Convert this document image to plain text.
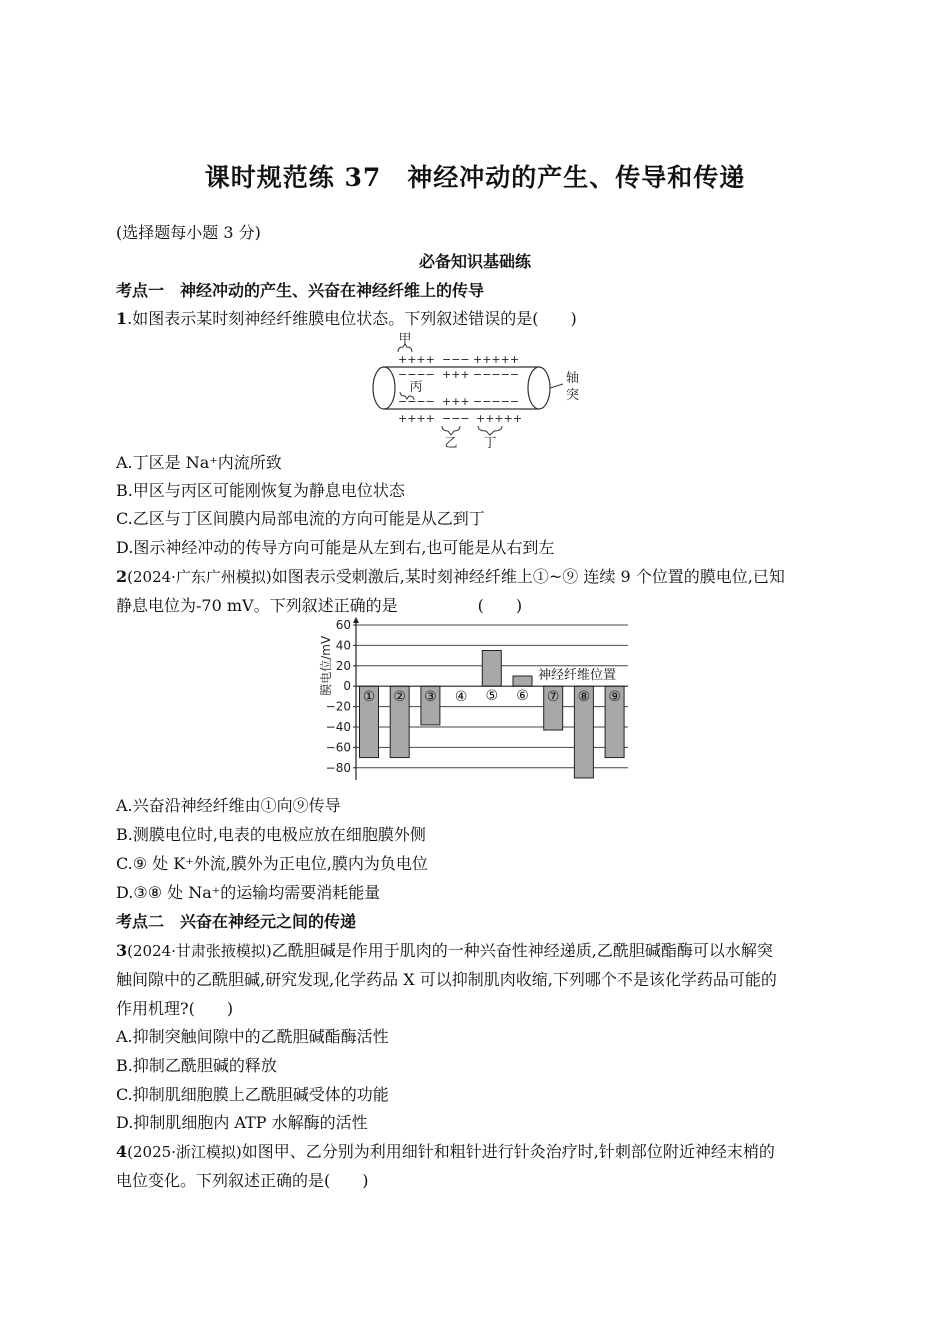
课时规范练 37　神经冲动的产生、传导和传递
(选择题每小题 3 分)
必备知识基础练
考点一　神经冲动的产生、兴奋在神经纤维上的传导
1.如图表示某时刻神经纤维膜电位状态。下列叙述错误的是(　　)
轴
突
甲
++++ −−− +++++
−−−− +++ −−−−−
丙
−−−− +++ −−−−−
++++ −−− +++++
乙 丁
A.丁区是 Na⁺内流所致
B.甲区与丙区可能刚恢复为静息电位状态
C.乙区与丁区间膜内局部电流的方向可能是从乙到丁
D.图示神经冲动的传导方向可能是从左到右,也可能是从右到左
2(2024·广东广州模拟)如图表示受刺激后,某时刻神经纤维上①~⑨ 连续 9 个位置的膜电位,已知
静息电位为-70 mV。下列叙述正确的是　　　　　(　　)
60
40
20
0
−20
−40
−60
−80
膜电位/mV
① ② ③ ④ ⑤ ⑥ ⑦ ⑧ ⑨
神经纤维位置
A.兴奋沿神经纤维由①向⑨传导
B.测膜电位时,电表的电极应放在细胞膜外侧
C.⑨ 处 K⁺外流,膜外为正电位,膜内为负电位
D.③⑧ 处 Na⁺的运输均需要消耗能量
考点二　兴奋在神经元之间的传递
3(2024·甘肃张掖模拟)乙酰胆碱是作用于肌肉的一种兴奋性神经递质,乙酰胆碱酯酶可以水解突
触间隙中的乙酰胆碱,研究发现,化学药品 X 可以抑制肌肉收缩,下列哪个不是该化学药品可能的
作用机理?(　　)
A.抑制突触间隙中的乙酰胆碱酯酶活性
B.抑制乙酰胆碱的释放
C.抑制肌细胞膜上乙酰胆碱受体的功能
D.抑制肌细胞内 ATP 水解酶的活性
4(2025·浙江模拟)如图甲、乙分别为利用细针和粗针进行针灸治疗时,针刺部位附近神经末梢的
电位变化。下列叙述正确的是(　　)
